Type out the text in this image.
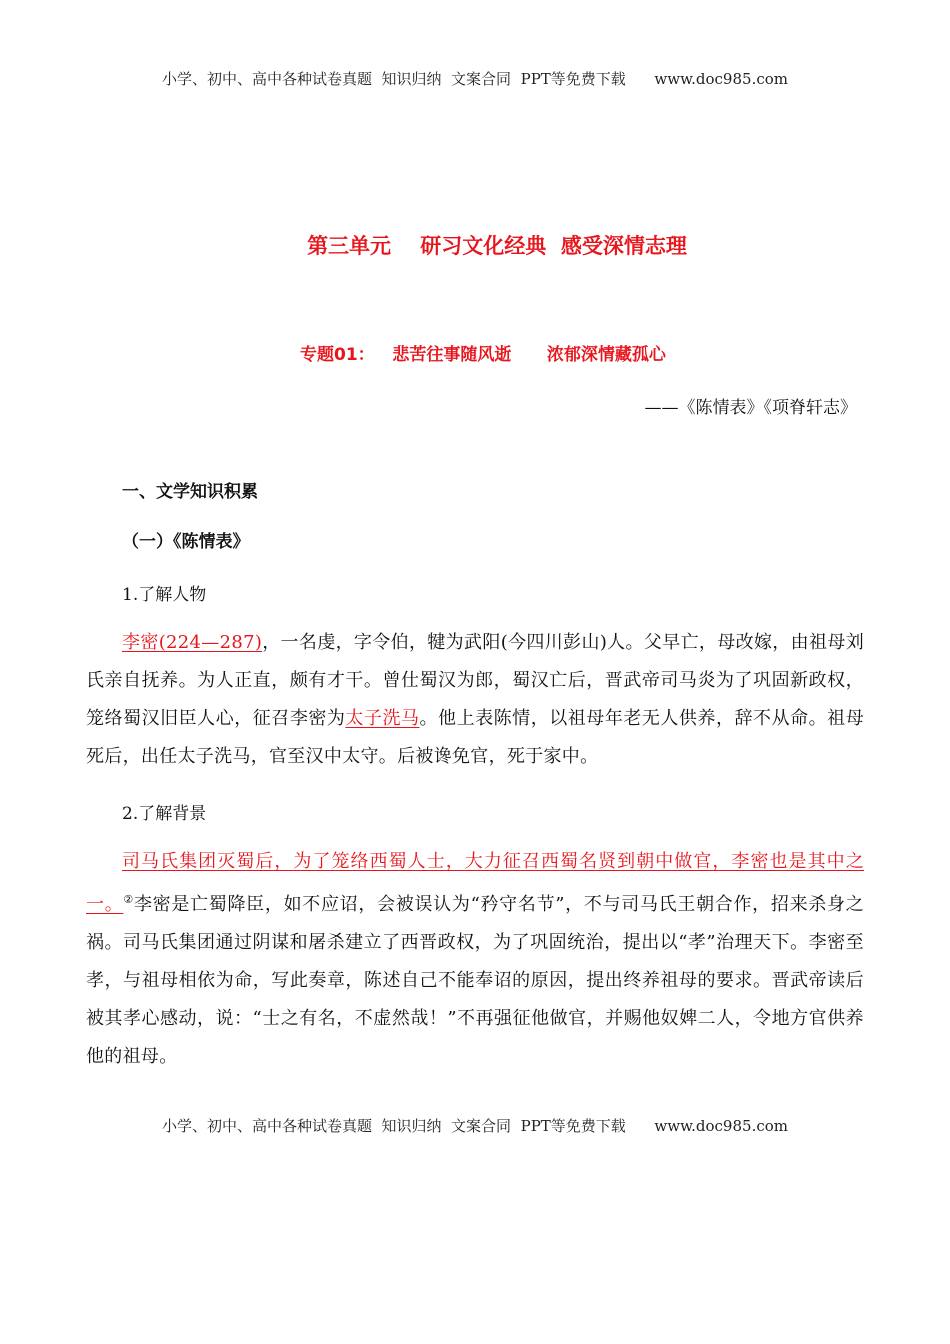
小学、初中、高中各种试卷真题  知识归纳  文案合同  PPT等免费下载      www.doc985.com
第三单元    研习文化经典  感受深情志理
专题01：   悲苦往事随风逝      浓郁深情藏孤心
——《陈情表》《项脊轩志》
一、文学知识积累
（一）《陈情表》
1.了解人物

李密(224—287)，一名虔，字令伯，犍为武阳(今四川彭山)人。父早亡，母改嫁，由祖母刘氏亲自抚养。为人正直，颇有才干。曾仕蜀汉为郎，蜀汉亡后，晋武帝司马炎为了巩固新政权，笼络蜀汉旧臣人心，征召李密为太子洗马。他上表陈情，以祖母年老无人供养，辞不从命。祖母死后，出任太子洗马，官至汉中太守。后被谗免官，死于家中。

2.了解背景

司马氏集团灭蜀后，为了笼络西蜀人士，大力征召西蜀名贤到朝中做官，李密也是其中之一。②李密是亡蜀降臣，如不应诏，会被误认为“矜守名节”，不与司马氏王朝合作，招来杀身之祸。司马氏集团通过阴谋和屠杀建立了西晋政权，为了巩固统治，提出以“孝”治理天下。李密至孝，与祖母相依为命，写此奏章，陈述自己不能奉诏的原因，提出终养祖母的要求。晋武帝读后被其孝心感动，说：“士之有名，不虚然哉！”不再强征他做官，并赐他奴婢二人，令地方官供养他的祖母。

小学、初中、高中各种试卷真题  知识归纳  文案合同  PPT等免费下载      www.doc985.com
